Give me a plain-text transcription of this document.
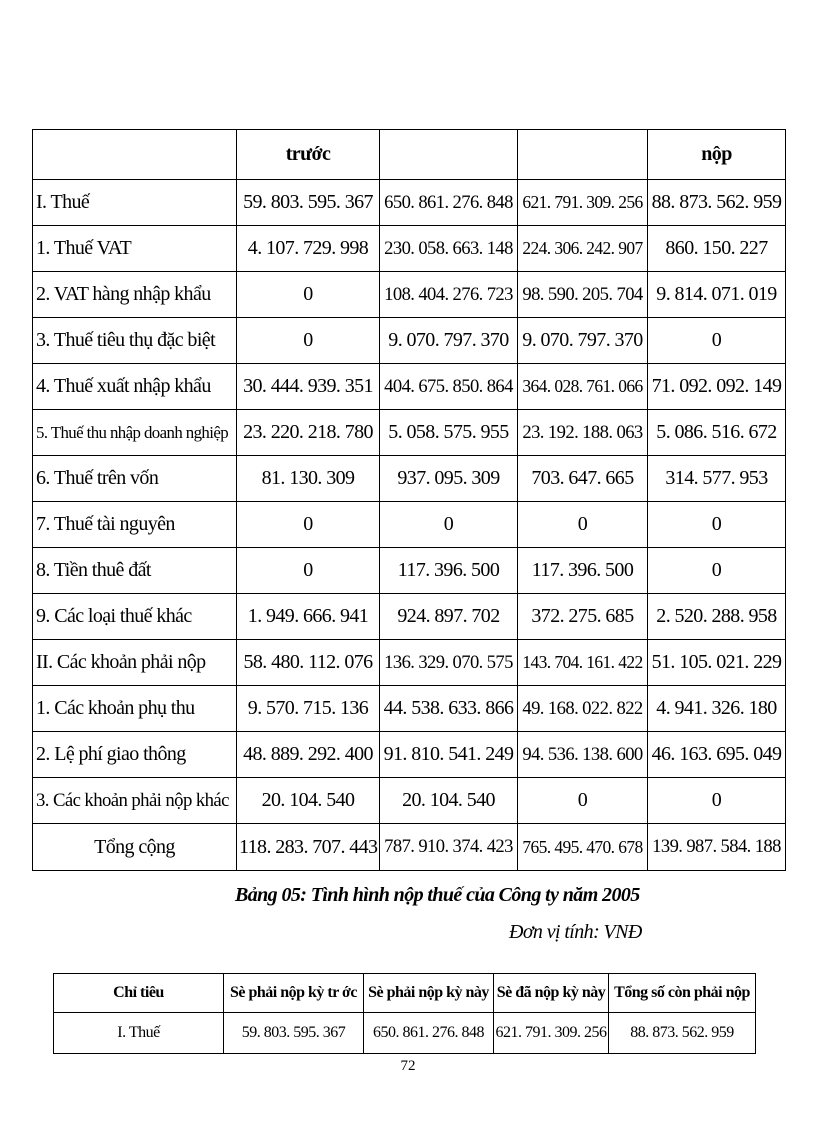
	trước			nộp
I. Thuế	59. 803. 595. 367	650. 861. 276. 848	621. 791. 309. 256	88. 873. 562. 959
1. Thuế VAT	4. 107. 729. 998	230. 058. 663. 148	224. 306. 242. 907	860. 150. 227
2. VAT hàng nhập khẩu	0	108. 404. 276. 723	98. 590. 205. 704	9. 814. 071. 019
3. Thuế tiêu thụ đặc biệt	0	9. 070. 797. 370	9. 070. 797. 370	0
4. Thuế xuất nhập khẩu	30. 444. 939. 351	404. 675. 850. 864	364. 028. 761. 066	71. 092. 092. 149
5. Thuế thu nhập doanh nghiệp	23. 220. 218. 780	5. 058. 575. 955	23. 192. 188. 063	5. 086. 516. 672
6. Thuế trên vốn	81. 130. 309	937. 095. 309	703. 647. 665	314. 577. 953
7. Thuế tài nguyên	0	0	0	0
8. Tiền thuê đất	0	117. 396. 500	117. 396. 500	0
9. Các loại thuế khác	1. 949. 666. 941	924. 897. 702	372. 275. 685	2. 520. 288. 958
II. Các khoản phải nộp	58. 480. 112. 076	136. 329. 070. 575	143. 704. 161. 422	51. 105. 021. 229
1. Các khoản phụ thu	9. 570. 715. 136	44. 538. 633. 866	49. 168. 022. 822	4. 941. 326. 180
2. Lệ phí giao thông	48. 889. 292. 400	91. 810. 541. 249	94. 536. 138. 600	46. 163. 695. 049
3. Các khoản phải nộp khác	20. 104. 540	20. 104. 540	0	0
Tổng cộng	118. 283. 707. 443	787. 910. 374. 423	765. 495. 470. 678	139. 987. 584. 188
Bảng 05: Tình hình nộp thuế của Công ty năm 2005
Đơn vị tính: VNĐ
Chỉ tiêu	Sè phải nộp kỳ tr ớc	Sè phải nộp kỳ này	Sè đã nộp kỳ này	Tổng số còn phải nộp
I. Thuế	59. 803. 595. 367	650. 861. 276. 848	621. 791. 309. 256	88. 873. 562. 959
72
